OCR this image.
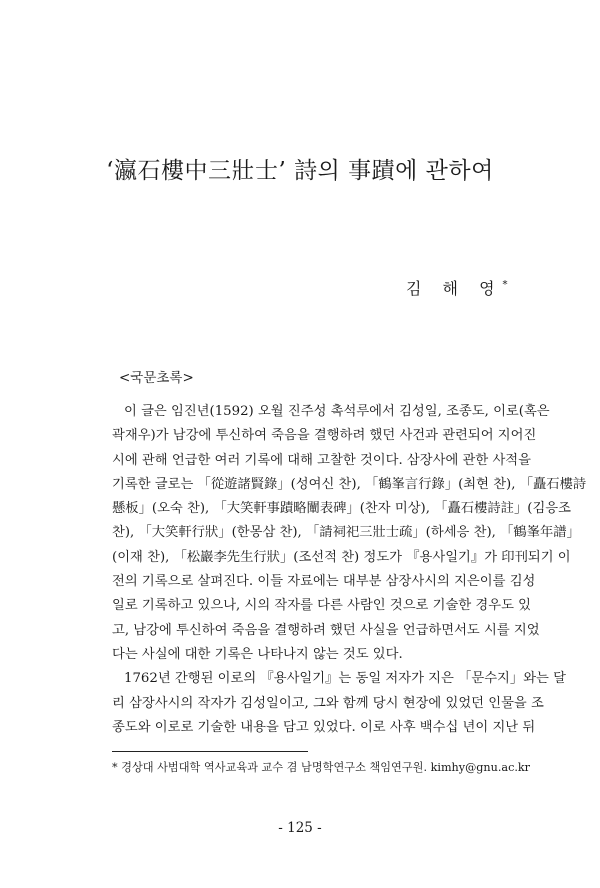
‘瀛石樓中三壯士’ 詩의 事蹟에 관하여
김 해 영*
<국문초록>
이 글은 임진년(1592) 오월 진주성 촉석루에서 김성일, 조종도, 이로(혹은
곽재우)가 남강에 투신하여 죽음을 결행하려 했던 사건과 관련되어 지어진
시에 관해 언급한 여러 기록에 대해 고찰한 것이다. 삼장사에 관한 사적을
기록한 글로는 「從遊諸賢錄」(성여신 찬), 「鶴峯言行錄」(최현 찬), 「矗石樓詩
懸板」(오숙 찬), 「大笑軒事蹟略闡表碑」(찬자 미상), 「矗石樓詩註」(김응조
찬), 「大笑軒行狀」(한몽삼 찬), 「請祠祀三壯士疏」(하세응 찬), 「鶴峯年譜」
(이재 찬), 「松巖李先生行狀」(조선적 찬) 정도가 『용사일기』가 印刊되기 이
전의 기록으로 살펴진다. 이들 자료에는 대부분 삼장사시의 지은이를 김성
일로 기록하고 있으나, 시의 작자를 다른 사람인 것으로 기술한 경우도 있
고, 남강에 투신하여 죽음을 결행하려 했던 사실을 언급하면서도 시를 지었
다는 사실에 대한 기록은 나타나지 않는 것도 있다.
1762년 간행된 이로의 『용사일기』는 동일 저자가 지은 「문수지」와는 달
리 삼장사시의 작자가 김성일이고, 그와 함께 당시 현장에 있었던 인물을 조
종도와 이로로 기술한 내용을 담고 있었다. 이로 사후 백수십 년이 지난 뒤
* 경상대 사범대학 역사교육과 교수 겸 남명학연구소 책임연구원. kimhy@gnu.ac.kr
- 125 -
